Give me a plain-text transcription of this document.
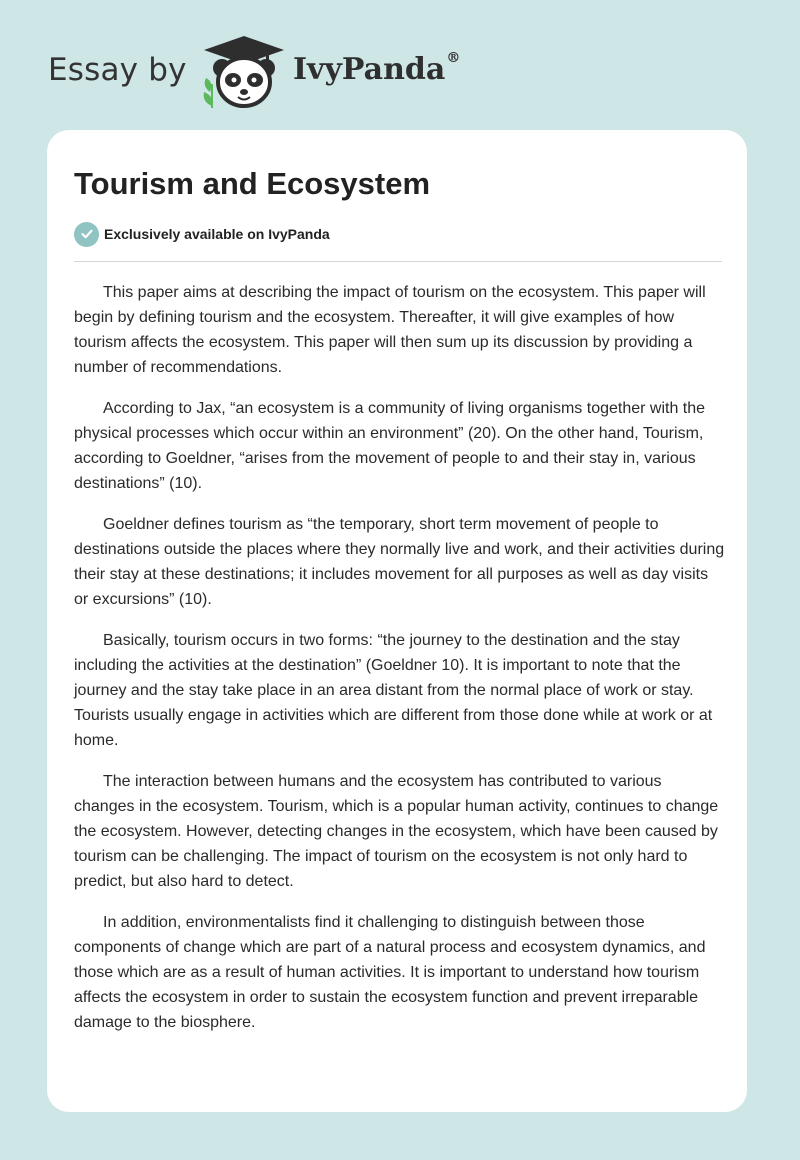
Essay by	IvyPanda®
Tourism and Ecosystem
Exclusively available on IvyPanda

This paper aims at describing the impact of tourism on the ecosystem. This paper will begin by defining tourism and the ecosystem. Thereafter, it will give examples of how tourism affects the ecosystem. This paper will then sum up its discussion by providing a number of recommendations.

According to Jax, “an ecosystem is a community of living organisms together with the physical processes which occur within an environment” (20). On the other hand, Tourism, according to Goeldner, “arises from the movement of people to and their stay in, various destinations” (10).

Goeldner defines tourism as “the temporary, short term movement of people to destinations outside the places where they normally live and work, and their activities during their stay at these destinations; it includes movement for all purposes as well as day visits or excursions” (10).

Basically, tourism occurs in two forms: “the journey to the destination and the stay including the activities at the destination” (Goeldner 10). It is important to note that the journey and the stay take place in an area distant from the normal place of work or stay. Tourists usually engage in activities which are different from those done while at work or at home.

The interaction between humans and the ecosystem has contributed to various changes in the ecosystem. Tourism, which is a popular human activity, continues to change the ecosystem. However, detecting changes in the ecosystem, which have been caused by tourism can be challenging. The impact of tourism on the ecosystem is not only hard to predict, but also hard to detect.

In addition, environmentalists find it challenging to distinguish between those components of change which are part of a natural process and ecosystem dynamics, and those which are as a result of human activities. It is important to understand how tourism affects the ecosystem in order to sustain the ecosystem function and prevent irreparable damage to the biosphere.
